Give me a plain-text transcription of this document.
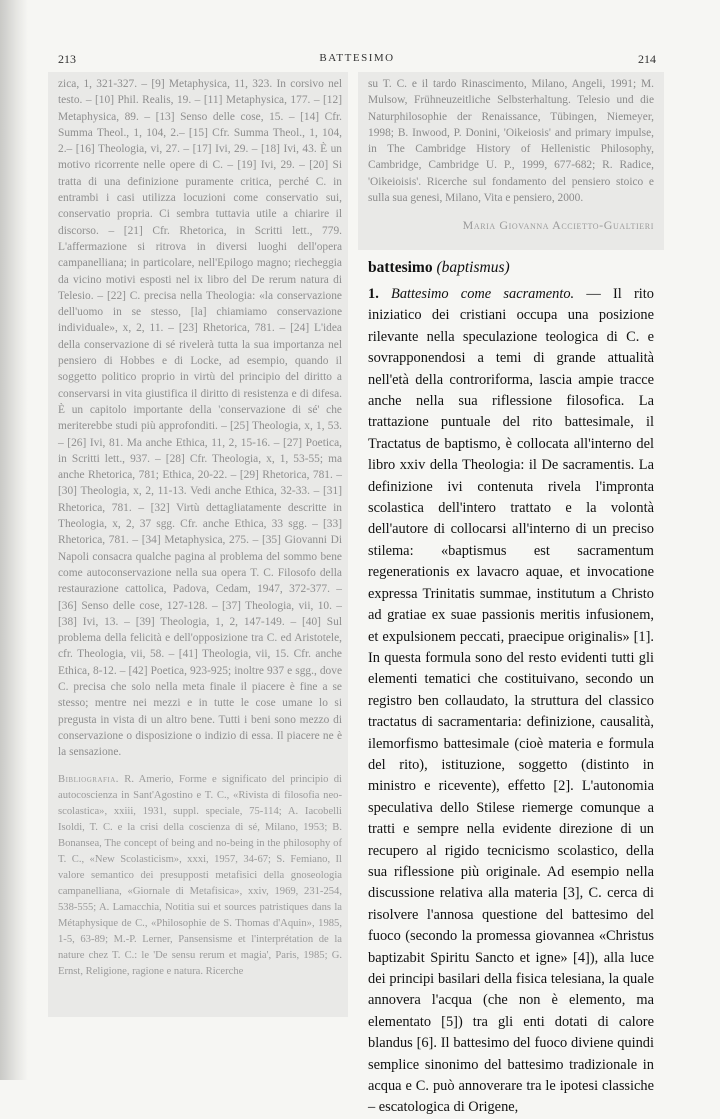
213	BATTESIMO	214

zica, 1, 321-327. – [9] Metaphysica, 11, 323. In corsivo nel testo. – [10] Phil. Realis, 19. – [11] Metaphysica, 177. – [12] Metaphysica, 89. – [13] Senso delle cose, 15. – [14] Cfr. Summa Theol., 1, 104, 2.– [15] Cfr. Summa Theol., 1, 104, 2.– [16] Theologia, vi, 27. – [17] Ivi, 29. – [18] Ivi, 43. È un motivo ricorrente nelle opere di C. – [19] Ivi, 29. – [20] Si tratta di una definizione puramente critica, perché C. in entrambi i casi utilizza locuzioni come conservatio sui, conservatio propria. Ci sembra tuttavia utile a chiarire il discorso. – [21] Cfr. Rhetorica, in Scritti lett., 779. L'affermazione si ritrova in diversi luoghi dell'opera campanelliana; in particolare, nell'Epilogo magno; riecheggia da vicino motivi esposti nel ix libro del De rerum natura di Telesio. – [22] C. precisa nella Theologia: «la conservazione dell'uomo in se stesso, [la] chiamiamo conservazione individuale», x, 2, 11. – [23] Rhetorica, 781. – [24] L'idea della conservazione di sé rivelerà tutta la sua importanza nel pensiero di Hobbes e di Locke, ad esempio, quando il soggetto politico proprio in virtù del principio del diritto a conservarsi in vita giustifica il diritto di resistenza e di difesa. È un capitolo importante della 'conservazione di sé' che meriterebbe studi più approfonditi. – [25] Theologia, x, 1, 53. – [26] Ivi, 81. Ma anche Ethica, 11, 2, 15-16. – [27] Poetica, in Scritti lett., 937. – [28] Cfr. Theologia, x, 1, 53-55; ma anche Rhetorica, 781; Ethica, 20-22. – [29] Rhetorica, 781. – [30] Theologia, x, 2, 11-13. Vedi anche Ethica, 32-33. – [31] Rhetorica, 781. – [32] Virtù dettagliatamente descritte in Theologia, x, 2, 37 sgg. Cfr. anche Ethica, 33 sgg. – [33] Rhetorica, 781. – [34] Metaphysica, 275. – [35] Giovanni Di Napoli consacra qualche pagina al problema del sommo bene come autoconservazione nella sua opera T. C. Filosofo della restaurazione cattolica, Padova, Cedam, 1947, 372-377. – [36] Senso delle cose, 127-128. – [37] Theologia, vii, 10. – [38] Ivi, 13. – [39] Theologia, 1, 2, 147-149. – [40] Sul problema della felicità e dell'opposizione tra C. ed Aristotele, cfr. Theologia, vii, 58. – [41] Theologia, vii, 15. Cfr. anche Ethica, 8-12. – [42] Poetica, 923-925; inoltre 937 e sgg., dove C. precisa che solo nella meta finale il piacere è fine a se stesso; mentre nei mezzi e in tutte le cose umane lo si pregusta in vista di un altro bene. Tutti i beni sono mezzo di conservazione o disposizione o indizio di essa. Il piacere ne è la sensazione.

Bibliografia. R. Amerio, Forme e significato del principio di autocoscienza in Sant'Agostino e T. C., «Rivista di filosofia neo-scolastica», xxiii, 1931, suppl. speciale, 75-114; A. Iacobelli Isoldi, T. C. e la crisi della coscienza di sé, Milano, 1953; B. Bonansea, The concept of being and no-being in the philosophy of T. C., «New Scolasticism», xxxi, 1957, 34-67; S. Femiano, Il valore semantico dei presupposti metafisici della gnoseologia campanelliana, «Giornale di Metafisica», xxiv, 1969, 231-254, 538-555; A. Lamacchia, Notitia sui et sources patristiques dans la Métaphysique de C., «Philosophie de S. Thomas d'Aquin», 1985, 1-5, 63-89; M.-P. Lerner, Pansensisme et l'interprétation de la nature chez T. C.: le 'De sensu rerum et magia', Paris, 1985; G. Ernst, Religione, ragione e natura. Ricerche

su T. C. e il tardo Rinascimento, Milano, Angeli, 1991; M. Mulsow, Frühneuzeitliche Selbsterhaltung. Telesio und die Naturphilosophie der Renaissance, Tübingen, Niemeyer, 1998; B. Inwood, P. Donini, 'Oikeiosis' and primary impulse, in The Cambridge History of Hellenistic Philosophy, Cambridge, Cambridge U. P., 1999, 677-682; R. Radice, 'Oikeioisis'. Ricerche sul fondamento del pensiero stoico e sulla sua genesi, Milano, Vita e pensiero, 2000.

Maria Giovanna Accietto-Gualtieri

battesimo (baptismus)

1. Battesimo come sacramento. — Il rito iniziatico dei cristiani occupa una posizione rilevante nella speculazione teologica di C. e sovrapponendosi a temi di grande attualità nell'età della controriforma, lascia ampie tracce anche nella sua riflessione filosofica. La trattazione puntuale del rito battesimale, il Tractatus de baptismo, è collocata all'interno del libro xxiv della Theologia: il De sacramentis. La definizione ivi contenuta rivela l'impronta scolastica dell'intero trattato e la volontà dell'autore di collocarsi all'interno di un preciso stilema: «baptismus est sacramentum regenerationis ex lavacro aquae, et invocatione expressa Trinitatis summae, institutum a Christo ad gratiae ex suae passionis meritis infusionem, et expulsionem peccati, praecipue originalis» [1]. In questa formula sono del resto evidenti tutti gli elementi tematici che costituivano, secondo un registro ben collaudato, la struttura del classico tractatus di sacramentaria: definizione, causalità, ilemorfismo battesimale (cioè materia e formula del rito), istituzione, soggetto (distinto in ministro e ricevente), effetto [2]. L'autonomia speculativa dello Stilese riemerge comunque a tratti e sempre nella evidente direzione di un recupero al rigido tecnicismo scolastico, della sua riflessione più originale. Ad esempio nella discussione relativa alla materia [3], C. cerca di risolvere l'annosa questione del battesimo del fuoco (secondo la promessa giovannea «Christus baptizabit Spiritu Sancto et igne» [4]), alla luce dei principi basilari della fisica telesiana, la quale annovera l'acqua (che non è elemento, ma elementato [5]) tra gli enti dotati di calore blandus [6]. Il battesimo del fuoco diviene quindi semplice sinonimo del battesimo tradizionale in acqua e C. può annoverare tra le ipotesi classiche – escatologica di Origene,
